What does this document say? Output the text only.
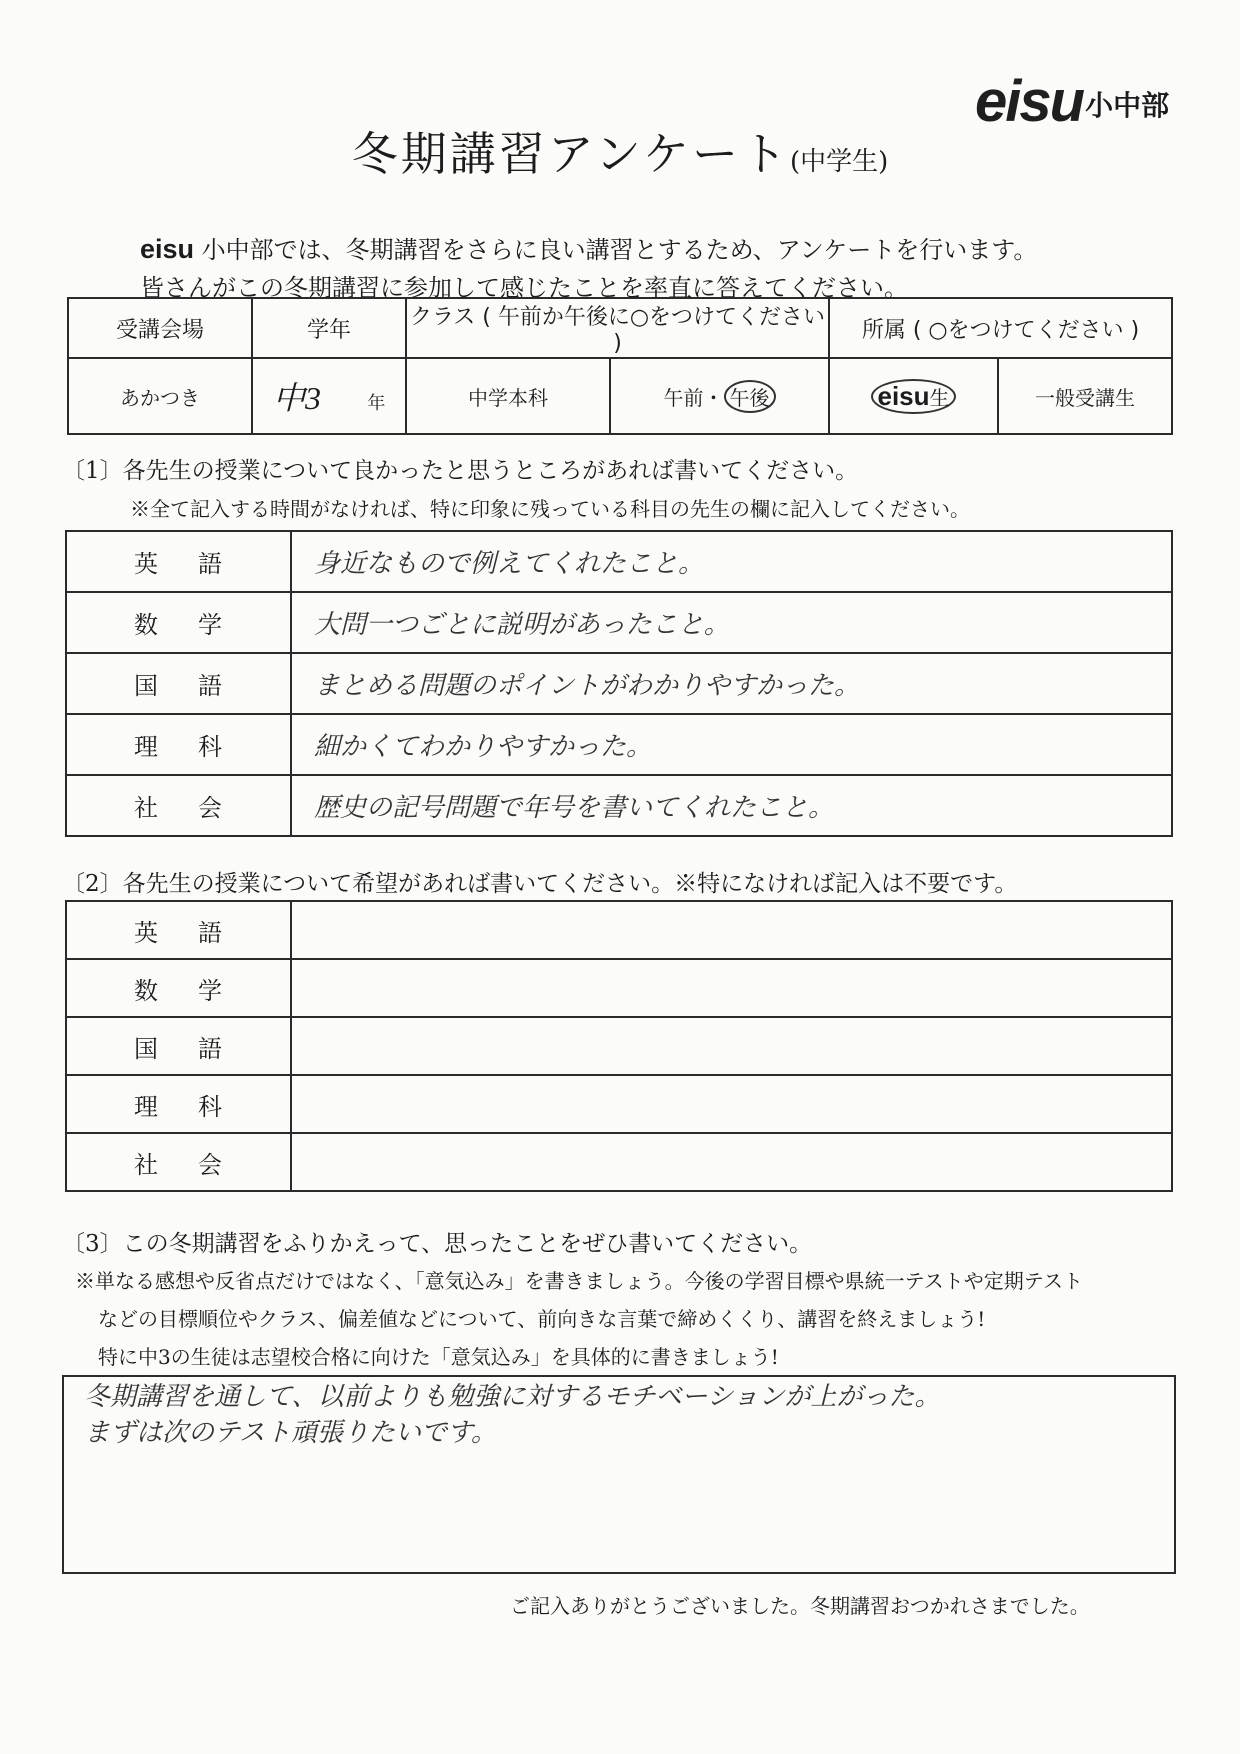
eisu小中部
冬期講習アンケート(中学生)
eisu 小中部では、冬期講習をさらに良い講習とするため、アンケートを行います。
皆さんがこの冬期講習に参加して感じたことを率直に答えてください。
受講会場	学年	クラス ( 午前か午後に○をつけてください )		所属 ( ○をつけてください )	
あかつき	中3 年	中学本科	午前・ 午後	eisu生	一般受講生
〔1〕各先生の授業について良かったと思うところがあれば書いてください。
※全て記入する時間がなければ、特に印象に残っている科目の先生の欄に記入してください。
英語	身近なもので例えてくれたこと。
数学	大問一つごとに説明があったこと。
国語	まとめる問題のポイントがわかりやすかった。
理科	細かくてわかりやすかった。
社会	歴史の記号問題で年号を書いてくれたこと。
〔2〕各先生の授業について希望があれば書いてください。※特になければ記入は不要です。
英語	
数学	
国語	
理科	
社会	
〔3〕この冬期講習をふりかえって、思ったことをぜひ書いてください。
※単なる感想や反省点だけではなく、「意気込み」を書きましょう。今後の学習目標や県統一テストや定期テスト
などの目標順位やクラス、偏差値などについて、前向きな言葉で締めくくり、講習を終えましょう!
特に中3の生徒は志望校合格に向けた「意気込み」を具体的に書きましょう!
冬期講習を通して、以前よりも勉強に対するモチベーションが上がった。
まずは次のテスト頑張りたいです。
ご記入ありがとうございました。冬期講習おつかれさまでした。
